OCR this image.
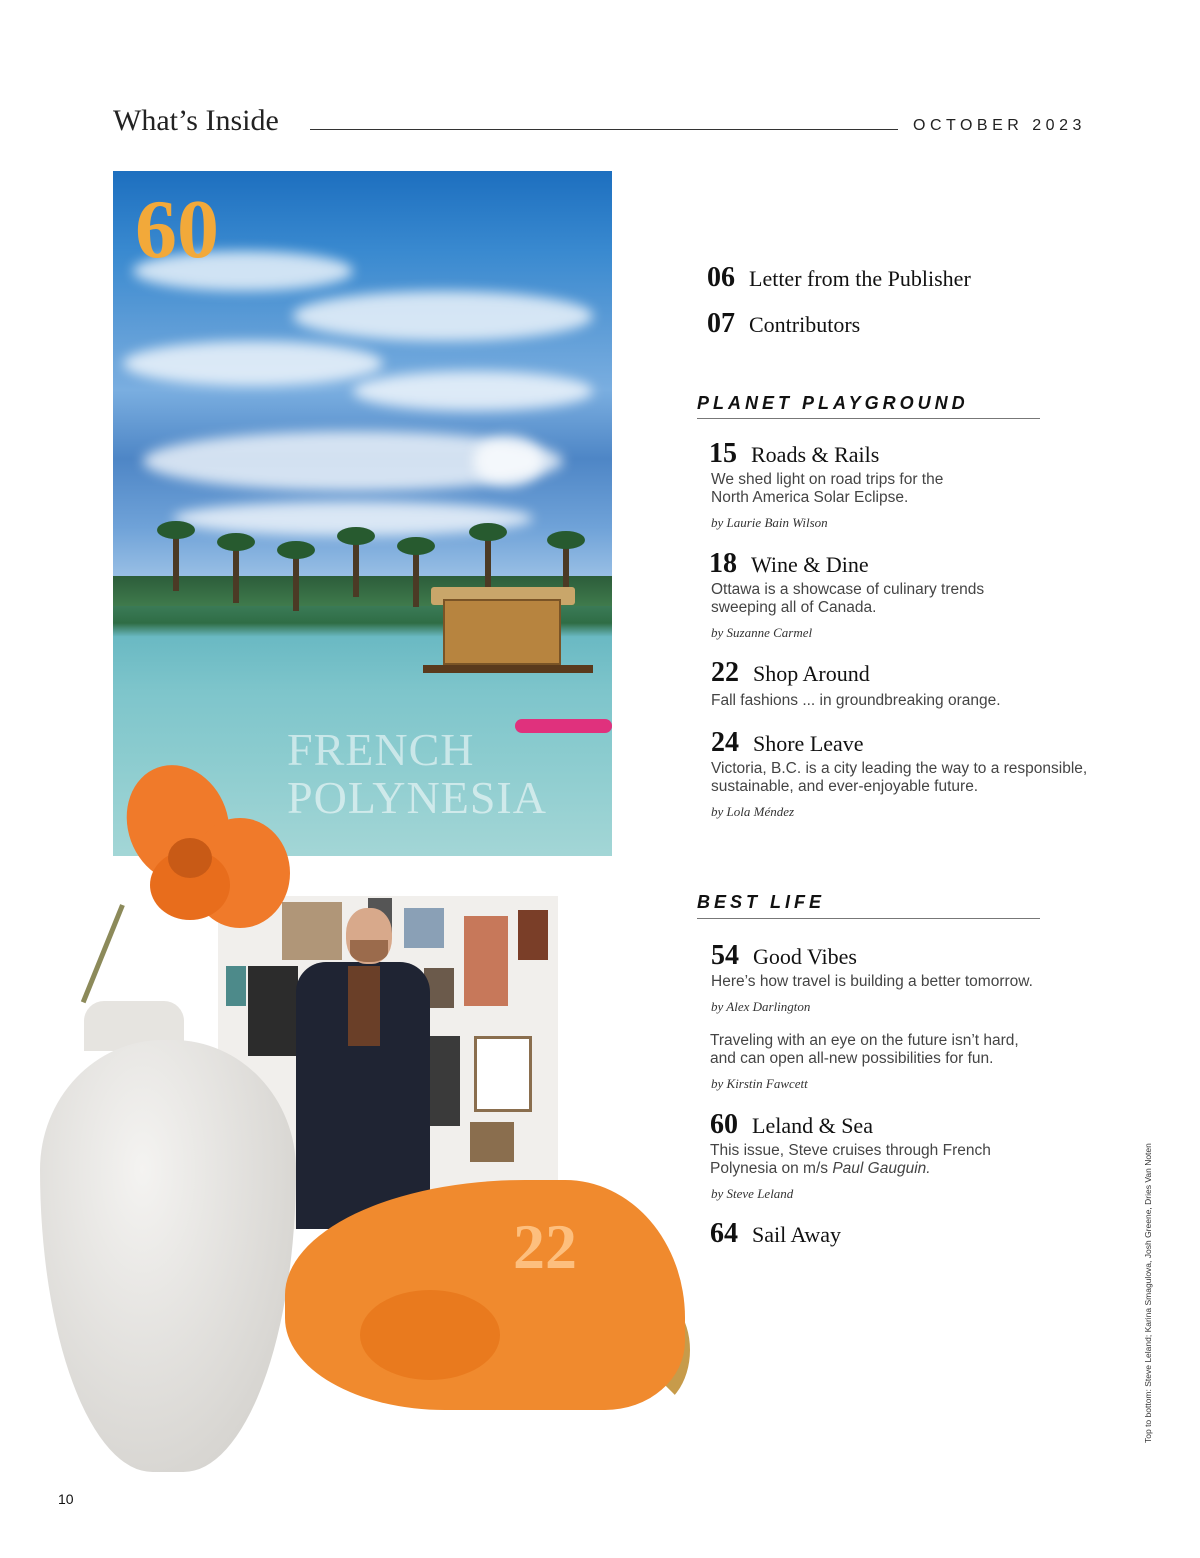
What’s Inside	OCTOBER 2023
60
FRENCH
POLYNESIA
22
06 Letter from the Publisher
07 Contributors
PLANET PLAYGROUND
15 Roads & Rails
We shed light on road trips for the
North America Solar Eclipse.
by Laurie Bain Wilson
18 Wine & Dine
Ottawa is a showcase of culinary trends
sweeping all of Canada.
by Suzanne Carmel
22 Shop Around
Fall fashions ... in groundbreaking orange.
24 Shore Leave
Victoria, B.C. is a city leading the way to a responsible,
sustainable, and ever-enjoyable future.
by Lola Méndez
BEST LIFE
54 Good Vibes
Here’s how travel is building a better tomorrow.
by Alex Darlington
Traveling with an eye on the future isn’t hard,
and can open all-new possibilities for fun.
by Kirstin Fawcett
60 Leland & Sea
This issue, Steve cruises through French
Polynesia on m/s Paul Gauguin.
by Steve Leland
64 Sail Away	Top to bottom: Steve Leland; Karina Smagulova, Josh Greene, Dries Van Noten
10
